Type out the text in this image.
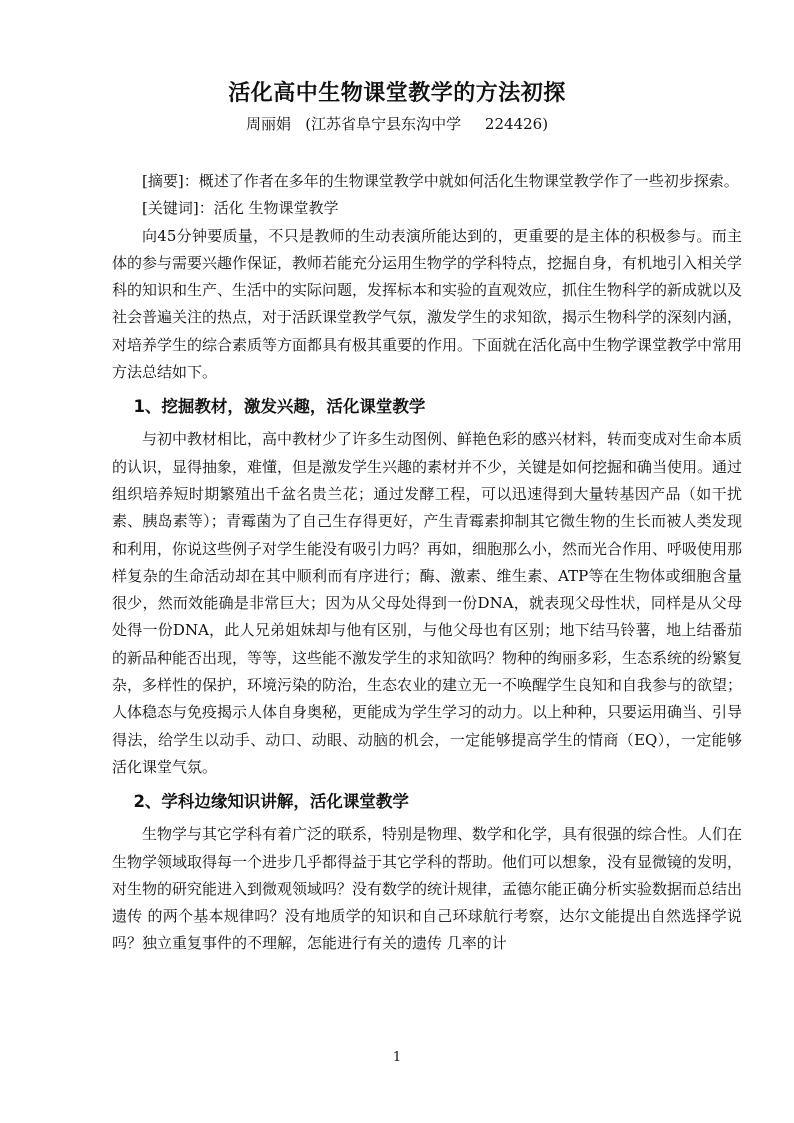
活化高中生物课堂教学的方法初探
周丽娟   (江苏省阜宁县东沟中学     224426)

[摘要]：概述了作者在多年的生物课堂教学中就如何活化生物课堂教学作了一些初步探索。

[关键词]：活化 生物课堂教学

向45分钟要质量，不只是教师的生动表演所能达到的，更重要的是主体的积极参与。而主体的参与需要兴趣作保证，教师若能充分运用生物学的学科特点，挖掘自身，有机地引入相关学科的知识和生产、生活中的实际问题，发挥标本和实验的直观效应，抓住生物科学的新成就以及社会普遍关注的热点，对于活跃课堂教学气氛，激发学生的求知欲，揭示生物科学的深刻内涵，对培养学生的综合素质等方面都具有极其重要的作用。下面就在活化高中生物学课堂教学中常用方法总结如下。

1、挖掘教材，激发兴趣，活化课堂教学

与初中教材相比，高中教材少了许多生动图例、鲜艳色彩的感兴材料，转而变成对生命本质的认识，显得抽象，难懂，但是激发学生兴趣的素材并不少，关键是如何挖掘和确当使用。通过组织培养短时期繁殖出千盆名贵兰花；通过发酵工程，可以迅速得到大量转基因产品（如干扰素、胰岛素等）；青霉菌为了自己生存得更好，产生青霉素抑制其它微生物的生长而被人类发现和利用，你说这些例子对学生能没有吸引力吗？再如，细胞那么小，然而光合作用、呼吸使用那样复杂的生命活动却在其中顺利而有序进行；酶、激素、维生素、ATP等在生物体或细胞含量很少，然而效能确是非常巨大；因为从父母处得到一份DNA，就表现父母性状，同样是从父母处得一份DNA，此人兄弟姐妹却与他有区别，与他父母也有区别；地下结马铃薯，地上结番茄的新品种能否出现，等等，这些能不激发学生的求知欲吗？物种的绚丽多彩，生态系统的纷繁复杂，多样性的保护，环境污染的防治，生态农业的建立无一不唤醒学生良知和自我参与的欲望；人体稳态与免疫揭示人体自身奥秘，更能成为学生学习的动力。以上种种，只要运用确当、引导得法，给学生以动手、动口、动眼、动脑的机会，一定能够提高学生的情商（EQ），一定能够活化课堂气氛。

2、学科边缘知识讲解，活化课堂教学

生物学与其它学科有着广泛的联系，特别是物理、数学和化学，具有很强的综合性。人们在生物学领域取得每一个进步几乎都得益于其它学科的帮助。他们可以想象，没有显微镜的发明，对生物的研究能进入到微观领域吗？没有数学的统计规律，孟德尔能正确分析实验数据而总结出遗传 的两个基本规律吗？没有地质学的知识和自己环球航行考察，达尔文能提出自然选择学说吗？独立重复事件的不理解，怎能进行有关的遗传 几率的计

1
